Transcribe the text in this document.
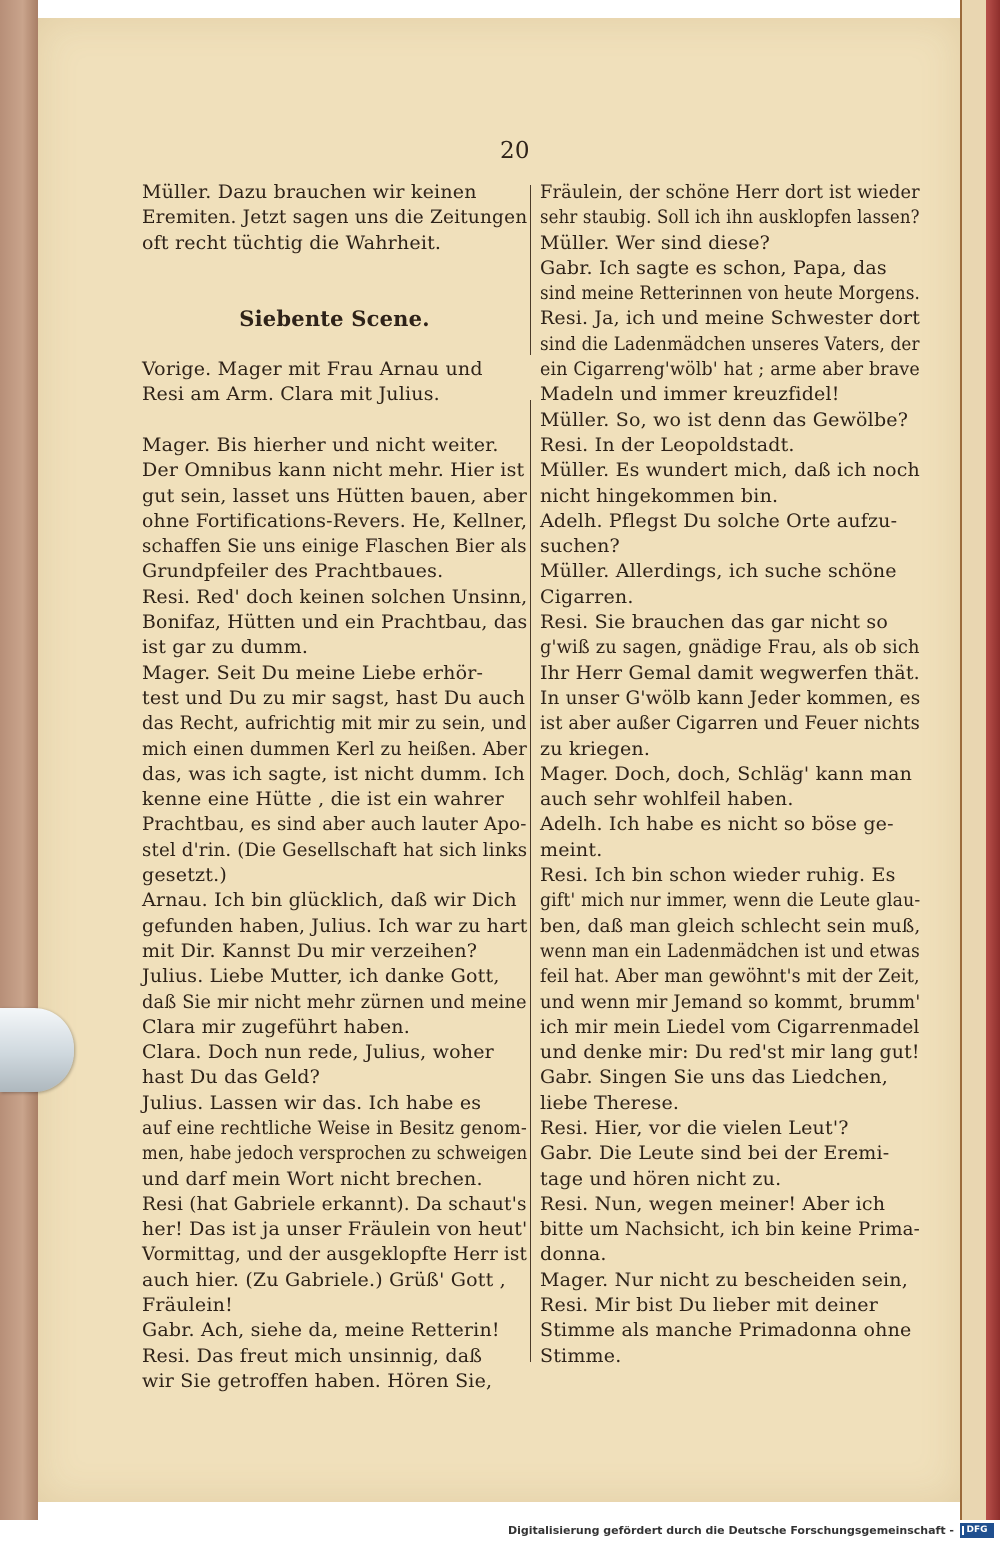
20
Müller. Dazu brauchen wir keinen
Eremiten. Jetzt sagen uns die Zeitungen
oft recht tüchtig die Wahrheit.
Siebente Scene.
Vorige. Mager mit Frau Arnau und
Resi am Arm. Clara mit Julius.
Mager. Bis hierher und nicht weiter.
Der Omnibus kann nicht mehr. Hier ist
gut sein, lasset uns Hütten bauen, aber
ohne Fortifications-Revers. He, Kellner,
schaffen Sie uns einige Flaschen Bier als
Grundpfeiler des Prachtbaues.
Resi. Red' doch keinen solchen Unsinn,
Bonifaz, Hütten und ein Prachtbau, das
ist gar zu dumm.
Mager. Seit Du meine Liebe erhör-
test und Du zu mir sagst, hast Du auch
das Recht, aufrichtig mit mir zu sein, und
mich einen dummen Kerl zu heißen. Aber
das, was ich sagte, ist nicht dumm. Ich
kenne eine Hütte , die ist ein wahrer
Prachtbau, es sind aber auch lauter Apo-
stel d'rin. (Die Gesellschaft hat sich links
gesetzt.)
Arnau. Ich bin glücklich, daß wir Dich
gefunden haben, Julius. Ich war zu hart
mit Dir. Kannst Du mir verzeihen?
Julius. Liebe Mutter, ich danke Gott,
daß Sie mir nicht mehr zürnen und meine
Clara mir zugeführt haben.
Clara. Doch nun rede, Julius, woher
hast Du das Geld?
Julius. Lassen wir das. Ich habe es
auf eine rechtliche Weise in Besitz genom-
men, habe jedoch versprochen zu schweigen
und darf mein Wort nicht brechen.
Resi (hat Gabriele erkannt). Da schaut's
her! Das ist ja unser Fräulein von heut'
Vormittag, und der ausgeklopfte Herr ist
auch hier. (Zu Gabriele.) Grüß' Gott ,
Fräulein!
Gabr. Ach, siehe da, meine Retterin!
Resi. Das freut mich unsinnig, daß
wir Sie getroffen haben. Hören Sie,
Fräulein, der schöne Herr dort ist wieder
sehr staubig. Soll ich ihn ausklopfen lassen?
Müller. Wer sind diese?
Gabr. Ich sagte es schon, Papa, das
sind meine Retterinnen von heute Morgens.
Resi. Ja, ich und meine Schwester dort
sind die Ladenmädchen unseres Vaters, der
ein Cigarreng'wölb' hat ; arme aber brave
Madeln und immer kreuzfidel!
Müller. So, wo ist denn das Gewölbe?
Resi. In der Leopoldstadt.
Müller. Es wundert mich, daß ich noch
nicht hingekommen bin.
Adelh. Pflegst Du solche Orte aufzu-
suchen?
Müller. Allerdings, ich suche schöne
Cigarren.
Resi. Sie brauchen das gar nicht so
g'wiß zu sagen, gnädige Frau, als ob sich
Ihr Herr Gemal damit wegwerfen thät.
In unser G'wölb kann Jeder kommen, es
ist aber außer Cigarren und Feuer nichts
zu kriegen.
Mager. Doch, doch, Schläg' kann man
auch sehr wohlfeil haben.
Adelh. Ich habe es nicht so böse ge-
meint.
Resi. Ich bin schon wieder ruhig. Es
gift' mich nur immer, wenn die Leute glau-
ben, daß man gleich schlecht sein muß,
wenn man ein Ladenmädchen ist und etwas
feil hat. Aber man gewöhnt's mit der Zeit,
und wenn mir Jemand so kommt, brumm'
ich mir mein Liedel vom Cigarrenmadel
und denke mir: Du red'st mir lang gut!
Gabr. Singen Sie uns das Liedchen,
liebe Therese.
Resi. Hier, vor die vielen Leut'?
Gabr. Die Leute sind bei der Eremi-
tage und hören nicht zu.
Resi. Nun, wegen meiner! Aber ich
bitte um Nachsicht, ich bin keine Prima-
donna.
Mager. Nur nicht zu bescheiden sein,
Resi. Mir bist Du lieber mit deiner
Stimme als manche Primadonna ohne
Stimme.
Digitalisierung gefördert durch die Deutsche Forschungsgemeinschaft -	DFG
